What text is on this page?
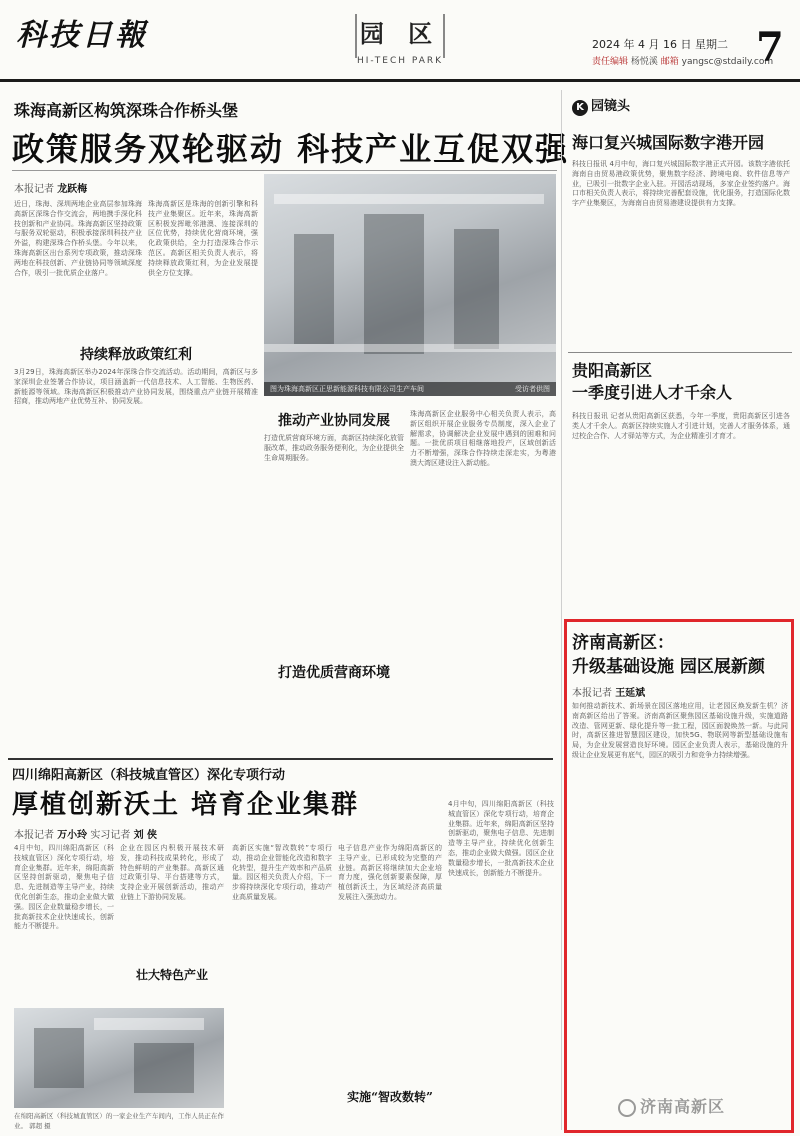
科技日報	园 区
HI-TECH PARK
2024 年 4 月 16 日 星期二
责任编辑 杨悦溪 邮箱 yangsc@stdaily.com
7
珠海高新区构筑深珠合作桥头堡
政策服务双轮驱动 科技产业互促双强
本报记者 龙跃梅
近日，珠海、深圳两地企业高层参加珠海高新区深珠合作交流会，两地携手深化科技创新和产业协同。珠海高新区坚持政策与服务双轮驱动，积极承接深圳科技产业外溢，构建深珠合作桥头堡。今年以来，珠海高新区出台系列专项政策，推动深珠两地在科技创新、产业链协同等领域深度合作，吸引一批优质企业落户。
珠海高新区是珠海的创新引擎和科技产业集聚区。近年来，珠海高新区积极发挥毗邻港澳、连接深圳的区位优势，持续优化营商环境，强化政策供给，全力打造深珠合作示范区。高新区相关负责人表示，将持续释放政策红利，为企业发展提供全方位支撑。
图为珠海高新区正思新能源科技有限公司生产车间	受访者供图
持续释放政策红利
3月29日，珠海高新区举办2024年深珠合作交流活动。活动期间，高新区与多家深圳企业签署合作协议，项目涵盖新一代信息技术、人工智能、生物医药、新能源等领域。珠海高新区积极推动产业协同发展，围绕重点产业链开展精准招商，推动两地产业优势互补、协同发展。
推动产业协同发展
打造优质营商环境方面，高新区持续深化放管服改革，推动政务服务便利化，为企业提供全生命周期服务。
打造优质营商环境
珠海高新区企业服务中心相关负责人表示，高新区组织开展企业服务专员制度，深入企业了解需求，协调解决企业发展中遇到的困难和问题。一批优质项目相继落地投产，区域创新活力不断增强，深珠合作持续走深走实，为粤港澳大湾区建设注入新动能。
K 园镜头
海口复兴城国际数字港开园
科技日报讯 4月中旬，海口复兴城国际数字港正式开园。该数字港依托海南自由贸易港政策优势，聚焦数字经济、跨境电商、软件信息等产业，已吸引一批数字企业入驻。开园活动现场，多家企业签约落户。海口市相关负责人表示，将持续完善配套设施，优化服务，打造国际化数字产业集聚区，为海南自由贸易港建设提供有力支撑。
贵阳高新区
一季度引进人才千余人
科技日报讯 记者从贵阳高新区获悉，今年一季度，贵阳高新区引进各类人才千余人。高新区持续实施人才引进计划，完善人才服务体系，通过校企合作、人才驿站等方式，为企业精准引才育才。
济南高新区：
升级基础设施 园区展新颜
本报记者 王延斌
如何推动新技术、新场景在园区落地应用，让老园区焕发新生机？济南高新区给出了答案。济南高新区聚焦园区基础设施升级，实施道路改造、管网更新、绿化提升等一批工程，园区面貌焕然一新。与此同时，高新区推进智慧园区建设，加快5G、物联网等新型基础设施布局，为企业发展营造良好环境。园区企业负责人表示，基础设施的升级让企业发展更有底气，园区的吸引力和竞争力持续增强。
四川绵阳高新区（科技城直管区）深化专项行动
厚植创新沃土 培育企业集群
本报记者 万小玲 实习记者 刘 侠
4月中旬，四川绵阳高新区（科技城直管区）深化专项行动，培育企业集群。近年来，绵阳高新区坚持创新驱动，聚焦电子信息、先进制造等主导产业，持续优化创新生态，推动企业做大做强。园区企业数量稳步增长，一批高新技术企业快速成长，创新能力不断提升。
企业在园区内积极开展技术研发，推动科技成果转化，形成了特色鲜明的产业集群。高新区通过政策引导、平台搭建等方式，支持企业开展创新活动，推动产业链上下游协同发展。
壮大特色产业
在绵阳高新区（科技城直管区）的一家企业生产车间内，工作人员正在作业。 郭超 摄
高新区实施“智改数转”专项行动，推动企业智能化改造和数字化转型，提升生产效率和产品质量。园区相关负责人介绍，下一步将持续深化专项行动，推动产业高质量发展。
电子信息产业作为绵阳高新区的主导产业，已形成较为完整的产业链。高新区将继续加大企业培育力度，强化创新要素保障，厚植创新沃土，为区域经济高质量发展注入强劲动力。
实施“智改数转”
4月中旬，四川绵阳高新区（科技城直管区）深化专项行动，培育企业集群。近年来，绵阳高新区坚持创新驱动，聚焦电子信息、先进制造等主导产业，持续优化创新生态，推动企业做大做强。园区企业数量稳步增长，一批高新技术企业快速成长，创新能力不断提升。
济南高新区
